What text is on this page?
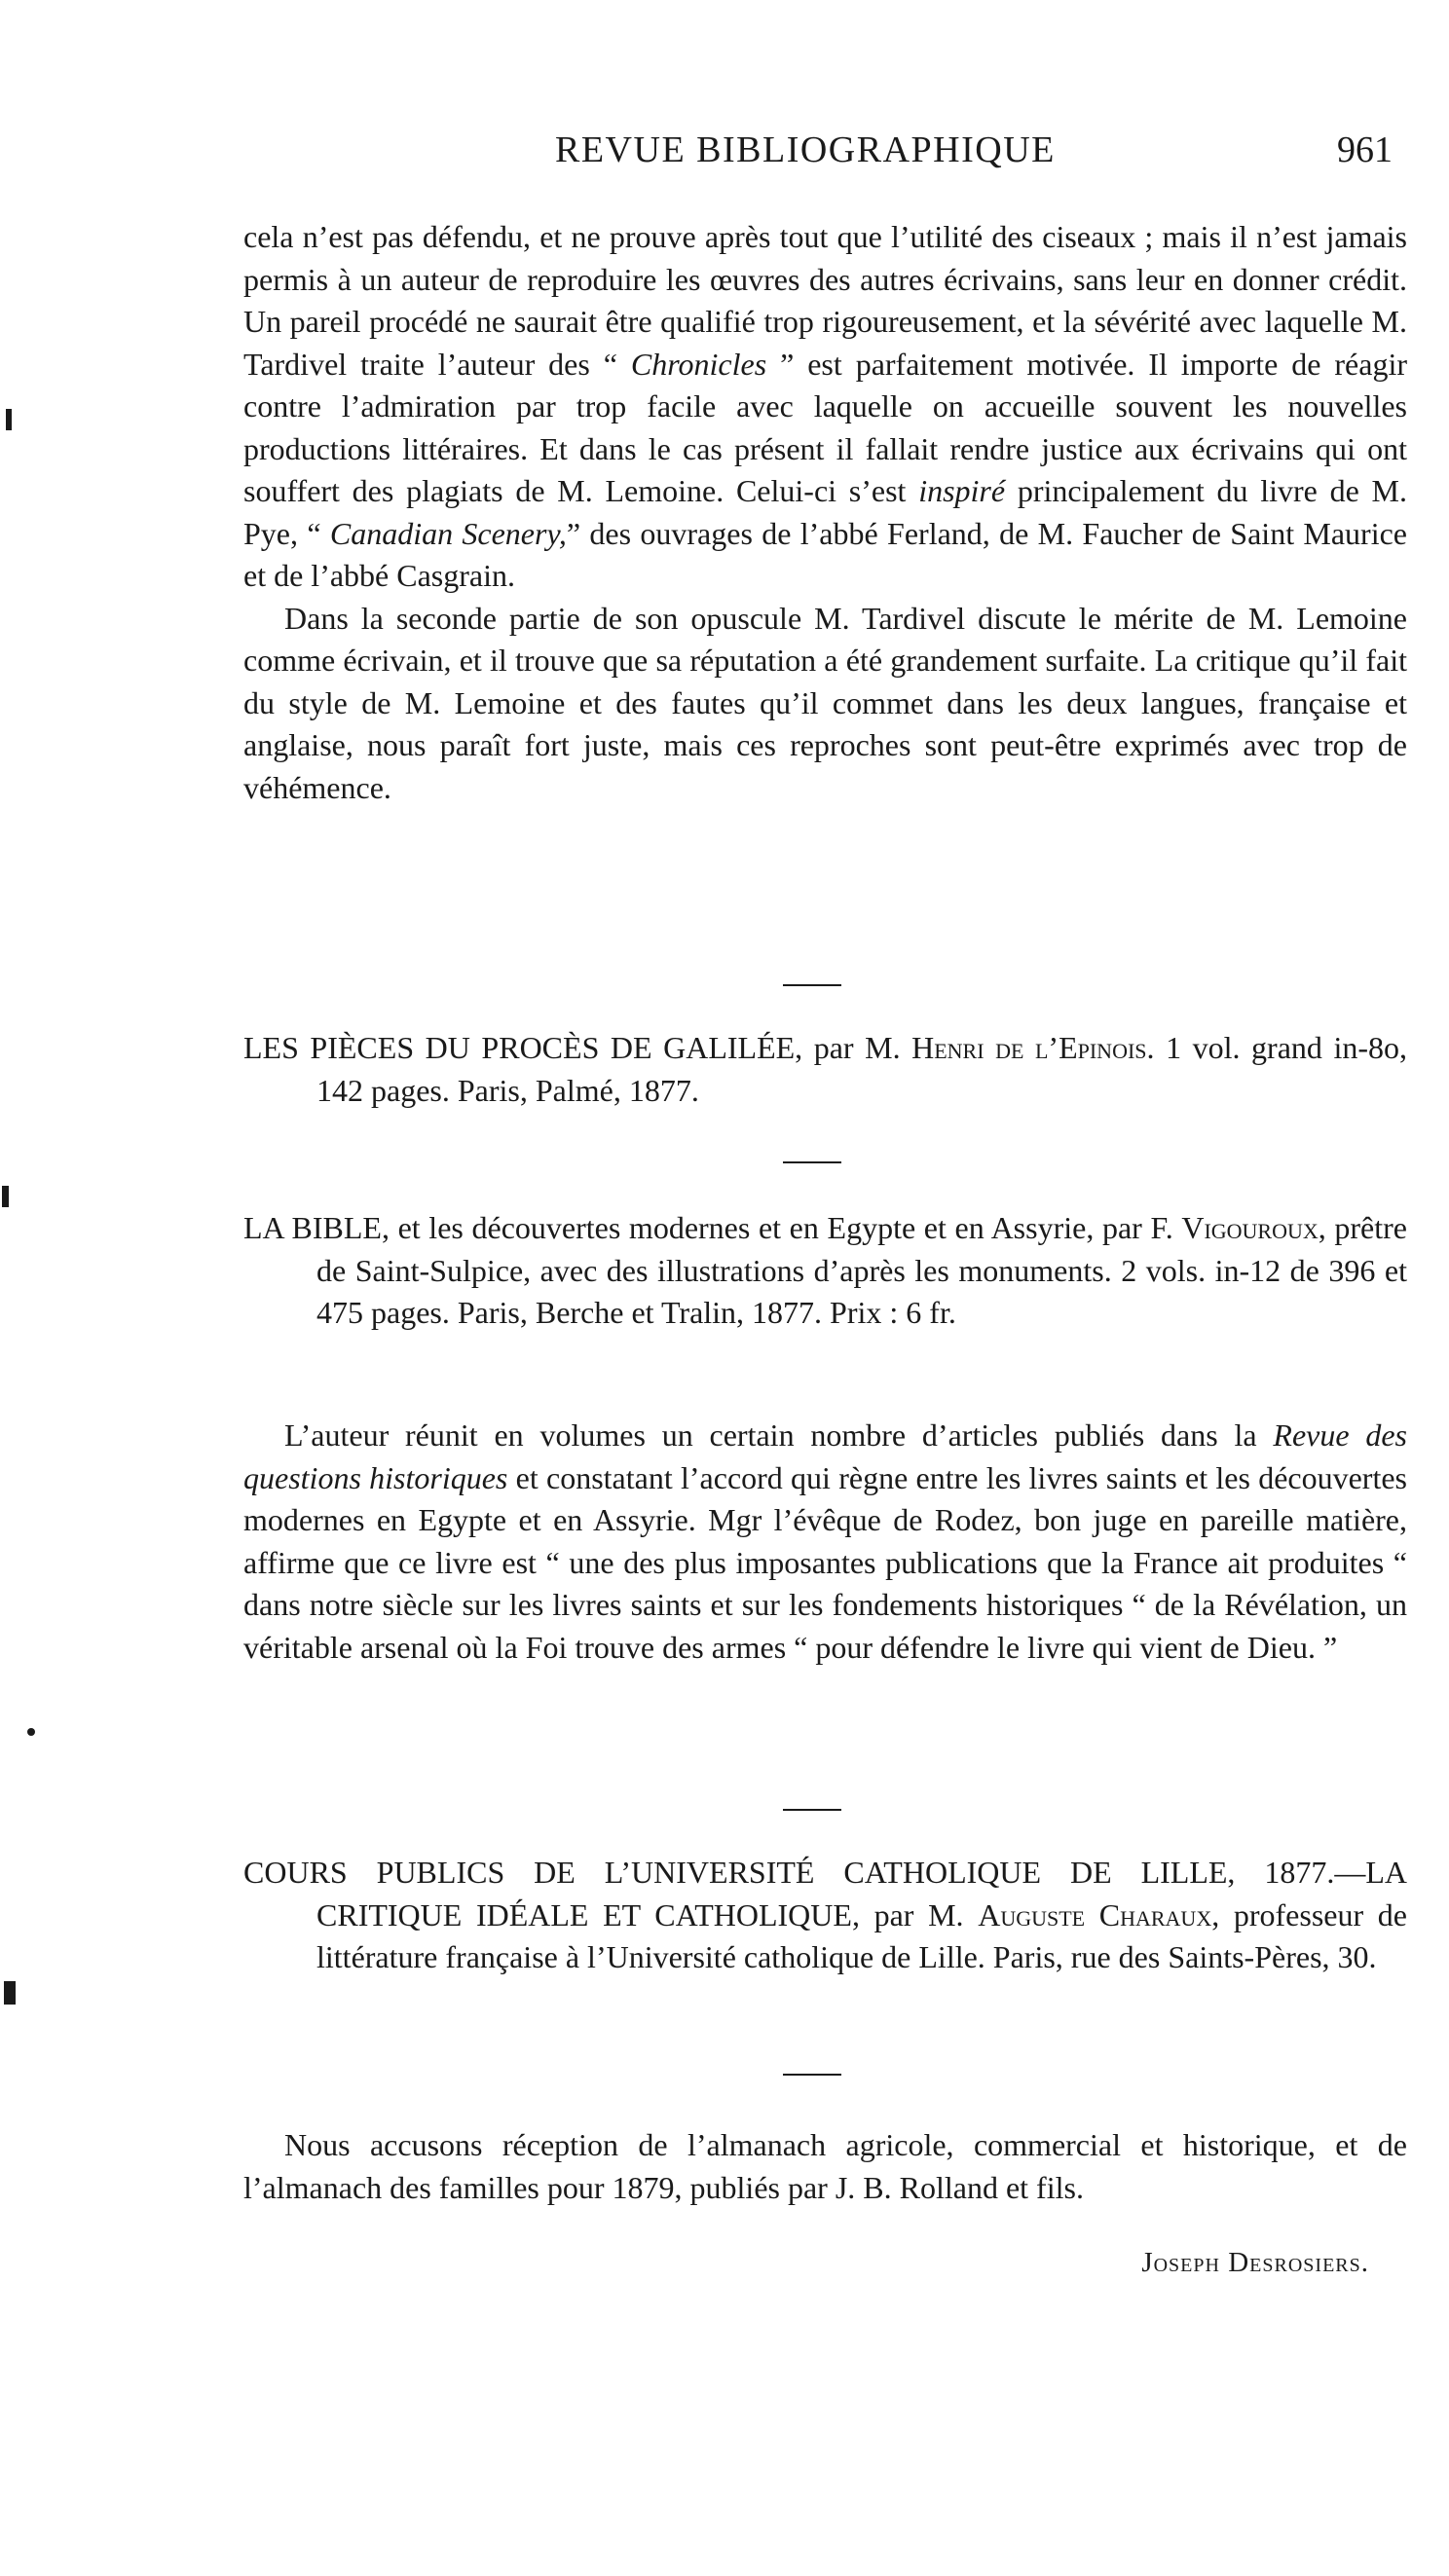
REVUE BIBLIOGRAPHIQUE	961

cela n’est pas défendu, et ne prouve après tout que l’utilité des ciseaux ; mais il n’est jamais permis à un auteur de reproduire les œuvres des autres écrivains, sans leur en donner crédit. Un pareil procédé ne saurait être qualifié trop rigoureusement, et la sévérité avec laquelle M. Tardivel traite l’auteur des “ Chronicles ” est parfaitement motivée. Il importe de réagir contre l’admiration par trop facile avec laquelle on accueille souvent les nouvelles productions littéraires. Et dans le cas présent il fallait rendre justice aux écrivains qui ont souffert des plagiats de M. Lemoine. Celui-ci s’est inspiré principalement du livre de M. Pye, “ Canadian Scenery,” des ouvrages de l’abbé Ferland, de M. Faucher de Saint Maurice et de l’abbé Casgrain.

Dans la seconde partie de son opuscule M. Tardivel discute le mérite de M. Lemoine comme écrivain, et il trouve que sa réputation a été grandement surfaite. La critique qu’il fait du style de M. Lemoine et des fautes qu’il commet dans les deux langues, française et anglaise, nous paraît fort juste, mais ces reproches sont peut-être exprimés avec trop de véhémence.

LES PIÈCES DU PROCÈS DE GALILÉE, par M. Henri de l’Epinois. 1 vol. grand in-8o, 142 pages. Paris, Palmé, 1877.
LA BIBLE, et les découvertes modernes et en Egypte et en Assyrie, par F. Vigouroux, prêtre de Saint-Sulpice, avec des illustrations d’après les monuments. 2 vols. in-12 de 396 et 475 pages. Paris, Berche et Tralin, 1877. Prix : 6 fr.

L’auteur réunit en volumes un certain nombre d’articles publiés dans la Revue des questions historiques et constatant l’accord qui règne entre les livres saints et les découvertes modernes en Egypte et en Assyrie. Mgr l’évêque de Rodez, bon juge en pareille matière, affirme que ce livre est “ une des plus imposantes publications que la France ait produites “ dans notre siècle sur les livres saints et sur les fondements historiques “ de la Révélation, un véritable arsenal où la Foi trouve des armes “ pour défendre le livre qui vient de Dieu. ”

COURS PUBLICS DE L’UNIVERSITÉ CATHOLIQUE DE LILLE, 1877.—LA CRITIQUE IDÉALE ET CATHOLIQUE, par M. Auguste Charaux, professeur de littérature française à l’Université catholique de Lille. Paris, rue des Saints-Pères, 30.

Nous accusons réception de l’almanach agricole, commercial et historique, et de l’almanach des familles pour 1879, publiés par J. B. Rolland et fils.

Joseph Desrosiers.
